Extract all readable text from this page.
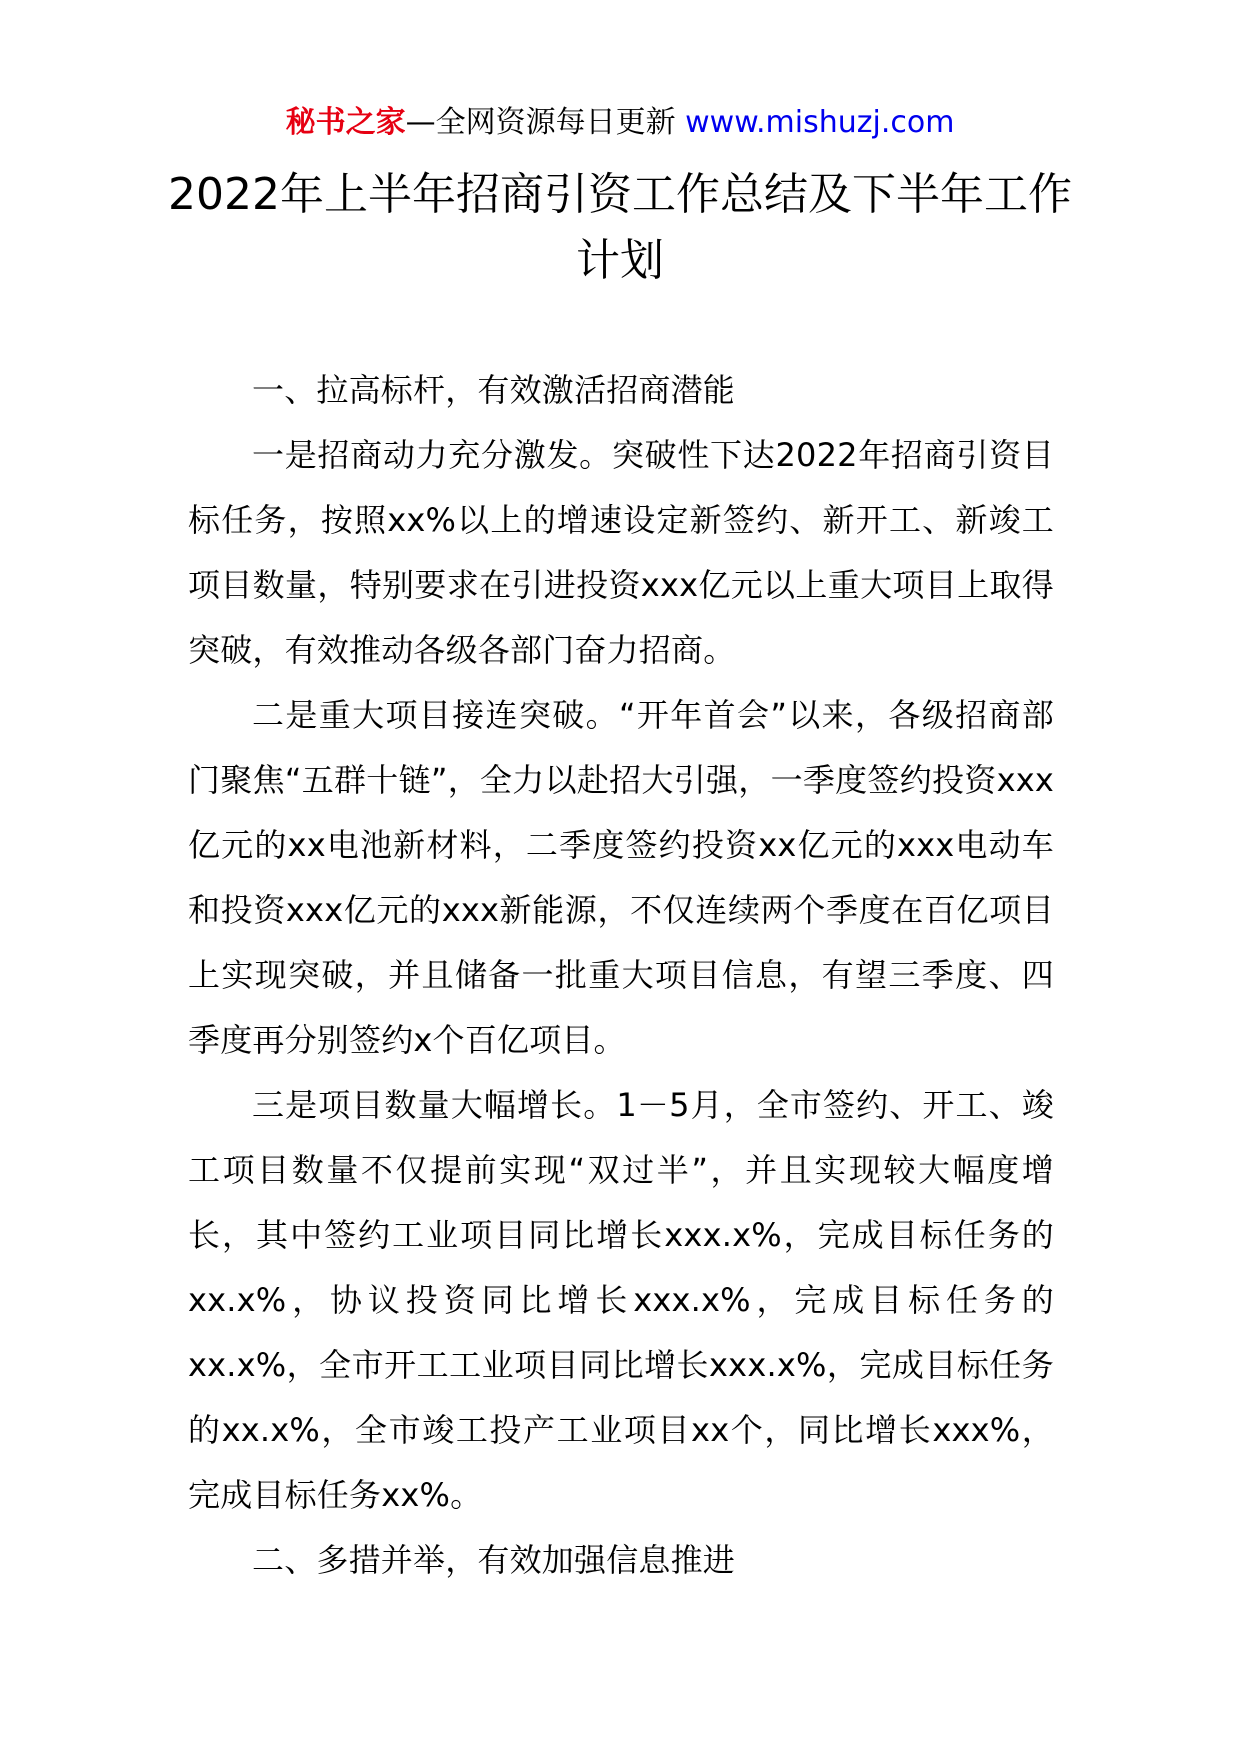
秘书之家—全网资源每日更新 www.mishuzj.com
2022年上半年招商引资工作总结及下半年工作计划

一、拉高标杆，有效激活招商潜能

一是招商动力充分激发。突破性下达2022年招商引资目标任务，按照xx%以上的增速设定新签约、新开工、新竣工项目数量，特别要求在引进投资xxx亿元以上重大项目上取得突破，有效推动各级各部门奋力招商。

二是重大项目接连突破。“开年首会”以来，各级招商部门聚焦“五群十链”，全力以赴招大引强，一季度签约投资xxx亿元的xx电池新材料，二季度签约投资xx亿元的xxx电动车和投资xxx亿元的xxx新能源，不仅连续两个季度在百亿项目上实现突破，并且储备一批重大项目信息，有望三季度、四季度再分别签约x个百亿项目。

三是项目数量大幅增长。1－5月，全市签约、开工、竣工项目数量不仅提前实现“双过半”，并且实现较大幅度增长，其中签约工业项目同比增长xxx.x%，完成目标任务的xx.x%，协议投资同比增长xxx.x%，完成目标任务的xx.x%，全市开工工业项目同比增长xxx.x%，完成目标任务的xx.x%，全市竣工投产工业项目xx个，同比增长xxx%，完成目标任务xx%。

二、多措并举，有效加强信息推进
